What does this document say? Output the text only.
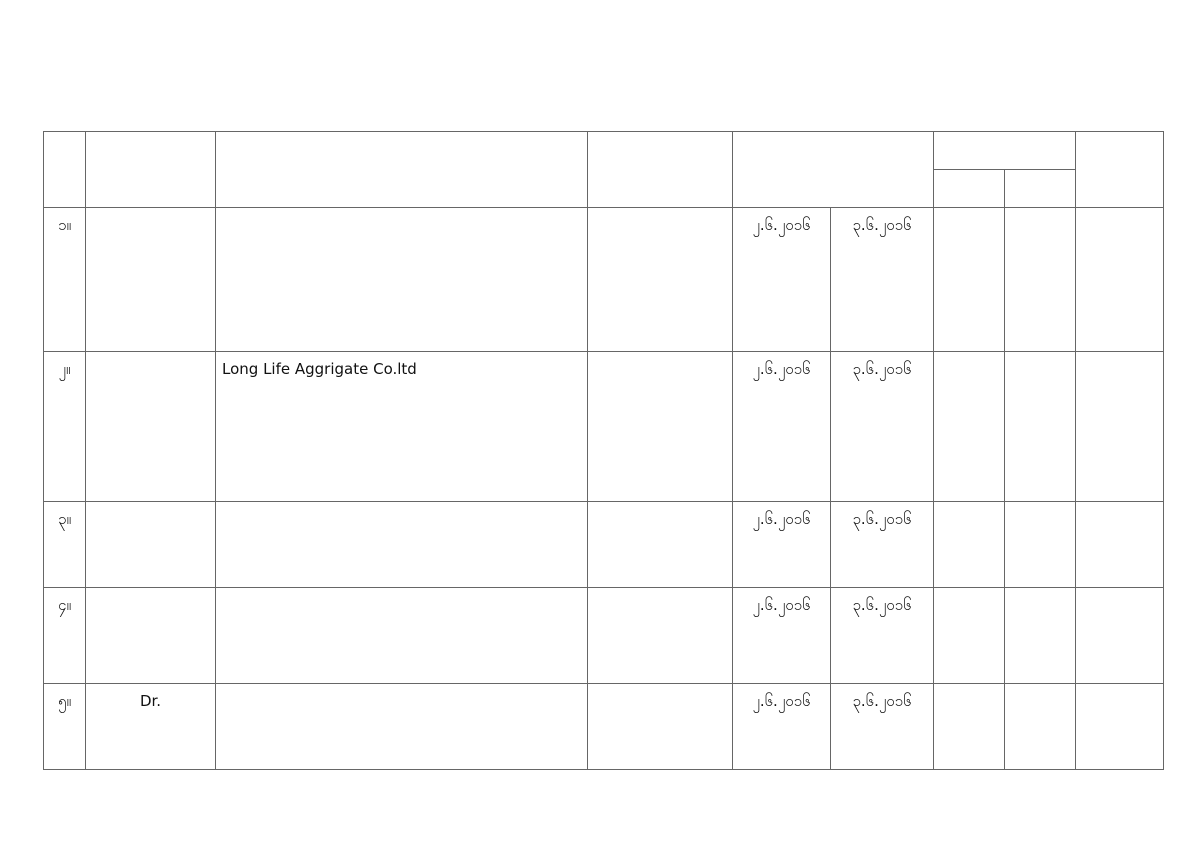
၁။				၂.၆.၂၀၁၆	၃.၆.၂၀၁၆			

၂။		Long Life Aggrigate Co.ltd		၂.၆.၂၀၁၆	၃.၆.၂၀၁၆			

၃။				၂.၆.၂၀၁၆	၃.၆.၂၀၁၆			

၄။				၂.၆.၂၀၁၆	၃.၆.၂၀၁၆			

၅။	Dr.			၂.၆.၂၀၁၆	၃.၆.၂၀၁၆			
